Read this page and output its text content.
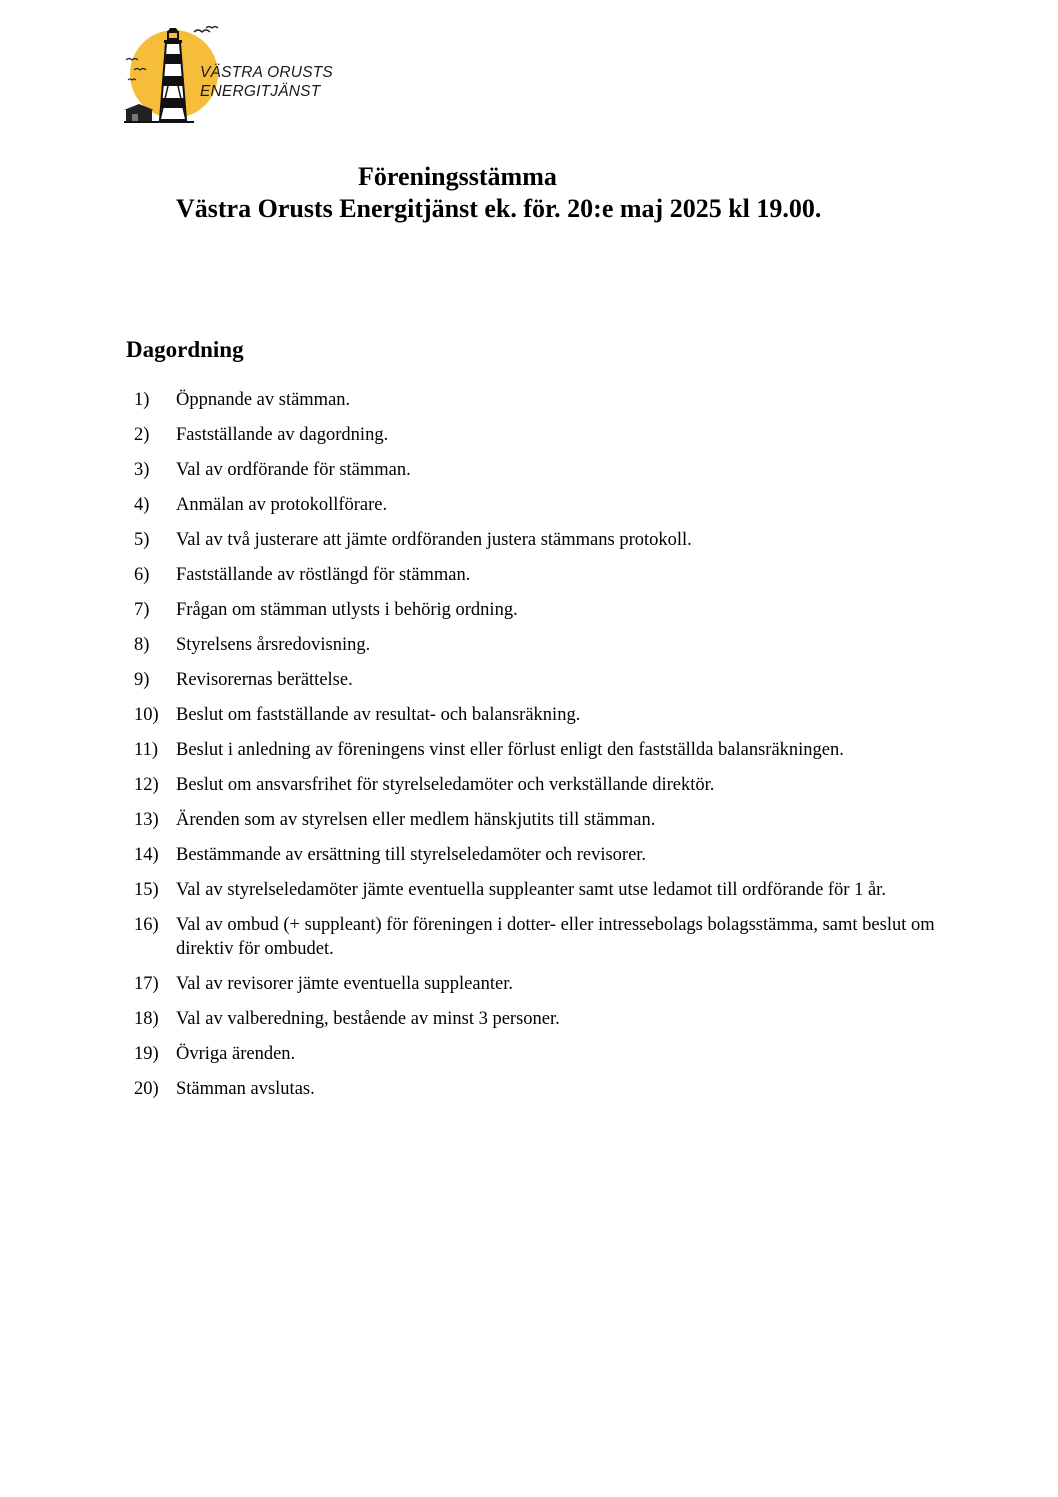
VÄSTRA ORUSTS
ENERGITJÄNST
Föreningsstämma
Västra Orusts Energitjänst ek. för. 20:e maj 2025 kl 19.00.
Dagordning
1) Öppnande av stämman.
2) Fastställande av dagordning.
3) Val av ordförande för stämman.
4) Anmälan av protokollförare.
5) Val av två justerare att jämte ordföranden justera stämmans protokoll.
6) Fastställande av röstlängd för stämman.
7) Frågan om stämman utlysts i behörig ordning.
8) Styrelsens årsredovisning.
9) Revisorernas berättelse.
10) Beslut om fastställande av resultat- och balansräkning.
11) Beslut i anledning av föreningens vinst eller förlust enligt den fastställda balansräkningen.
12) Beslut om ansvarsfrihet för styrelseledamöter och verkställande direktör.
13) Ärenden som av styrelsen eller medlem hänskjutits till stämman.
14) Bestämmande av ersättning till styrelseledamöter och revisorer.
15) Val av styrelseledamöter jämte eventuella suppleanter samt utse ledamot till ordförande för 1 år.
16) Val av ombud (+ suppleant) för föreningen i dotter- eller intressebolags bolagsstämma, samt beslut om direktiv för ombudet.
17) Val av revisorer jämte eventuella suppleanter.
18) Val av valberedning, bestående av minst 3 personer.
19) Övriga ärenden.
20) Stämman avslutas.
